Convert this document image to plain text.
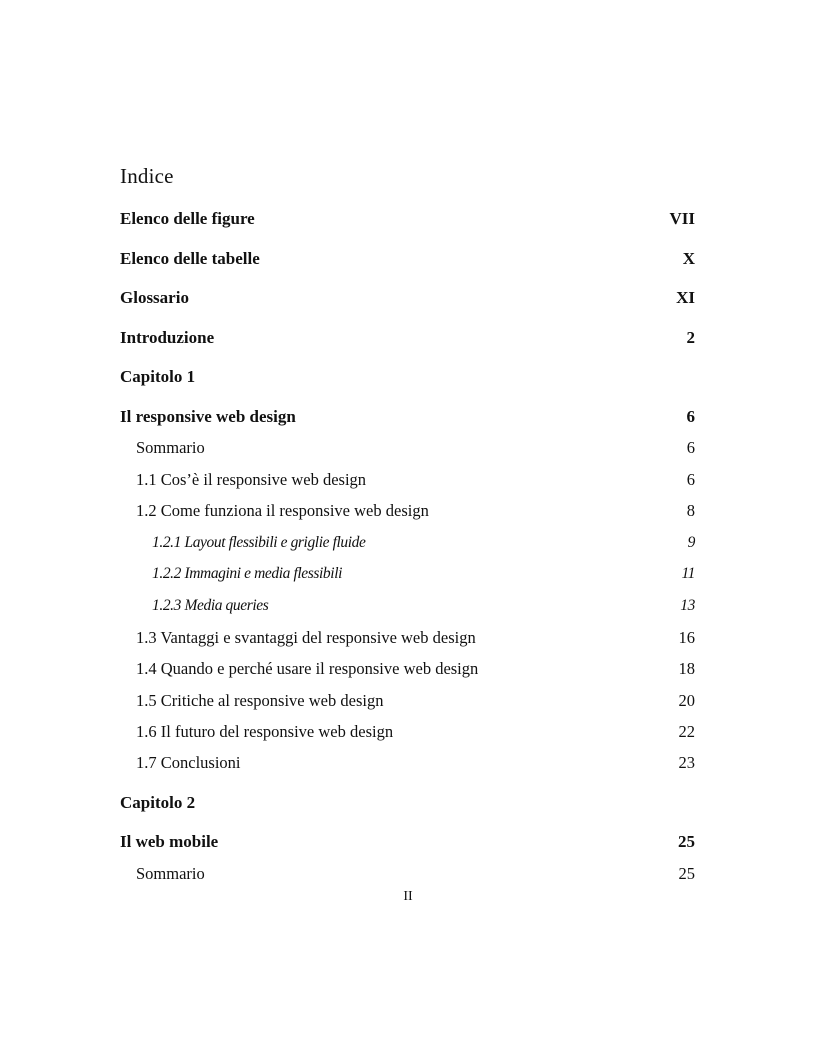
Indice
Elenco delle figure	VII
Elenco delle tabelle	X
Glossario	XI
Introduzione	2
Capitolo 1
Il responsive web design	6
Sommario	6
1.1 Cos’è il responsive web design	6
1.2 Come funziona il responsive web design	8
1.2.1 Layout flessibili e griglie fluide	9
1.2.2 Immagini e media flessibili	11
1.2.3 Media queries	13
1.3 Vantaggi e svantaggi del responsive web design	16
1.4 Quando e perché usare il responsive web design	18
1.5 Critiche al responsive web design	20
1.6 Il futuro del responsive web design	22
1.7 Conclusioni	23
Capitolo 2
Il web mobile	25
Sommario	25
II
